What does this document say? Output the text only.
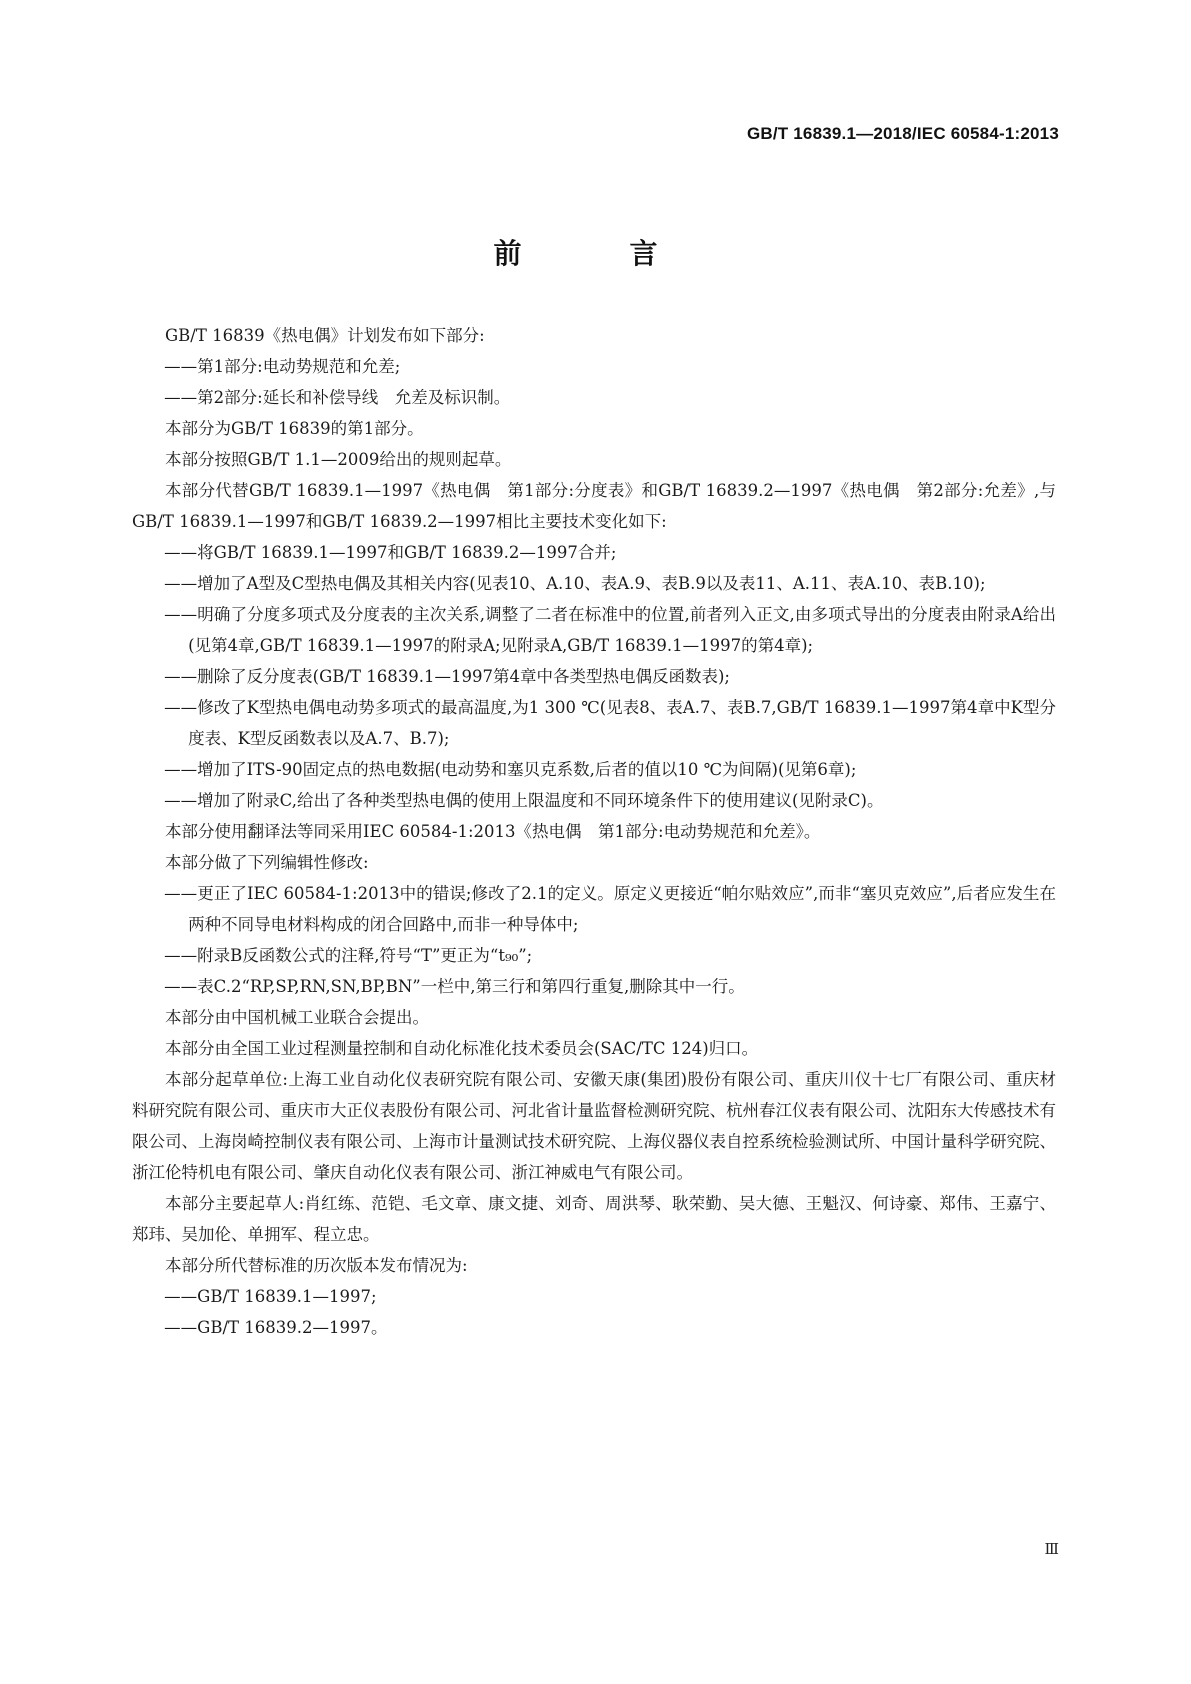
GB/T 16839.1—2018/IEC 60584-1:2013
前　言

GB/T 16839《热电偶》计划发布如下部分:

——第1部分:电动势规范和允差;

——第2部分:延长和补偿导线　允差及标识制。

本部分为GB/T 16839的第1部分。

本部分按照GB/T 1.1—2009给出的规则起草。

本部分代替GB/T 16839.1—1997《热电偶　第1部分:分度表》和GB/T 16839.2—1997《热电偶　第2部分:允差》,与GB/T 16839.1—1997和GB/T 16839.2—1997相比主要技术变化如下:

——将GB/T 16839.1—1997和GB/T 16839.2—1997合并;

——增加了A型及C型热电偶及其相关内容(见表10、A.10、表A.9、表B.9以及表11、A.11、表A.10、表B.10);

——明确了分度多项式及分度表的主次关系,调整了二者在标准中的位置,前者列入正文,由多项式导出的分度表由附录A给出(见第4章,GB/T 16839.1—1997的附录A;见附录A,GB/T 16839.1—1997的第4章);

——删除了反分度表(GB/T 16839.1—1997第4章中各类型热电偶反函数表);

——修改了K型热电偶电动势多项式的最高温度,为1 300 ℃(见表8、表A.7、表B.7,GB/T 16839.1—1997第4章中K型分度表、K型反函数表以及A.7、B.7);

——增加了ITS-90固定点的热电数据(电动势和塞贝克系数,后者的值以10 ℃为间隔)(见第6章);

——增加了附录C,给出了各种类型热电偶的使用上限温度和不同环境条件下的使用建议(见附录C)。

本部分使用翻译法等同采用IEC 60584-1:2013《热电偶　第1部分:电动势规范和允差》。

本部分做了下列编辑性修改:

——更正了IEC 60584-1:2013中的错误;修改了2.1的定义。原定义更接近“帕尔贴效应”,而非“塞贝克效应”,后者应发生在两种不同导电材料构成的闭合回路中,而非一种导体中;

——附录B反函数公式的注释,符号“T”更正为“t₉₀”;

——表C.2“RP,SP,RN,SN,BP,BN”一栏中,第三行和第四行重复,删除其中一行。

本部分由中国机械工业联合会提出。

本部分由全国工业过程测量控制和自动化标准化技术委员会(SAC/TC 124)归口。

本部分起草单位:上海工业自动化仪表研究院有限公司、安徽天康(集团)股份有限公司、重庆川仪十七厂有限公司、重庆材料研究院有限公司、重庆市大正仪表股份有限公司、河北省计量监督检测研究院、杭州春江仪表有限公司、沈阳东大传感技术有限公司、上海岗崎控制仪表有限公司、上海市计量测试技术研究院、上海仪器仪表自控系统检验测试所、中国计量科学研究院、浙江伦特机电有限公司、肇庆自动化仪表有限公司、浙江神威电气有限公司。

本部分主要起草人:肖红练、范铠、毛文章、康文捷、刘奇、周洪琴、耿荣勤、吴大德、王魁汉、何诗豪、郑伟、王嘉宁、郑玮、吴加伦、单拥军、程立忠。

本部分所代替标准的历次版本发布情况为:

——GB/T 16839.1—1997;

——GB/T 16839.2—1997。

Ⅲ
